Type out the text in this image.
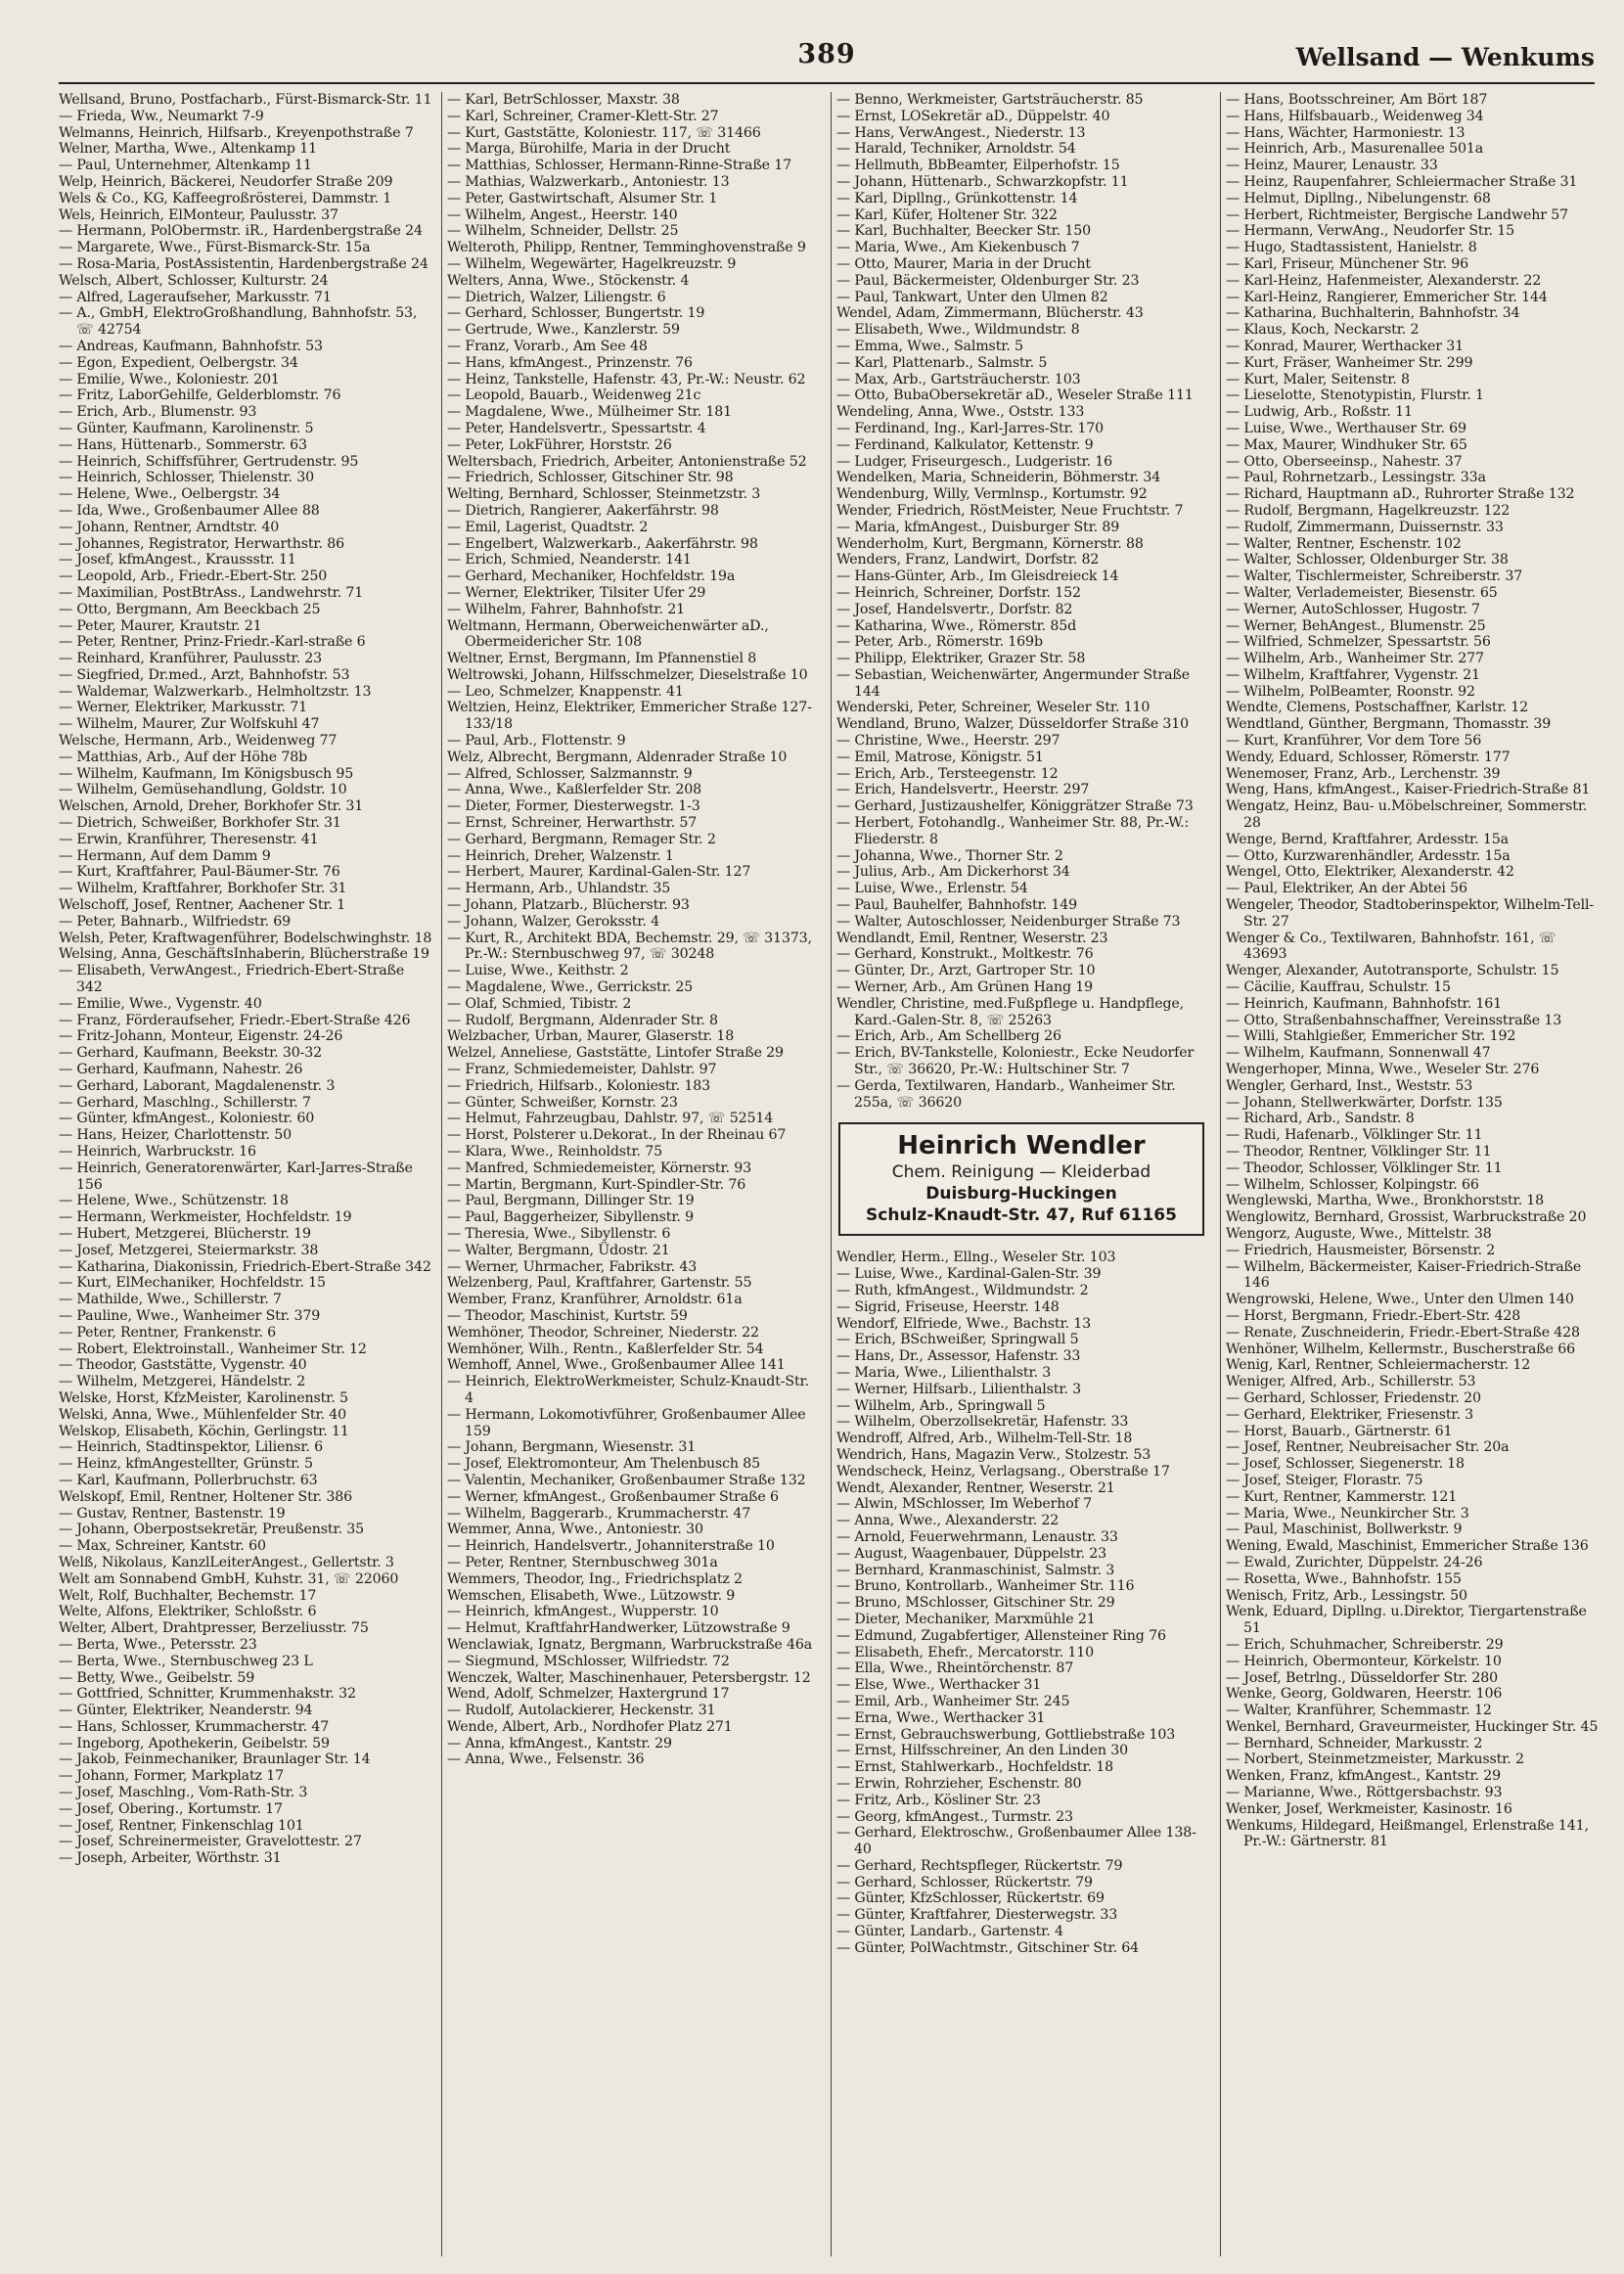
389	Wellsand — Wenkums

Wellsand, Bruno, Postfacharb., Fürst-Bismarck-Str. 11

— Frieda, Ww., Neumarkt 7-9

Welmanns, Heinrich, Hilfsarb., Kreyenpothstraße 7

Welner, Martha, Wwe., Altenkamp 11

— Paul, Unternehmer, Altenkamp 11

Welp, Heinrich, Bäckerei, Neudorfer Straße 209

Wels & Co., KG, Kaffeegroßrösterei, Dammstr. 1

Wels, Heinrich, ElMonteur, Paulusstr. 37

— Hermann, PolObermstr. iR., Hardenbergstraße 24

— Margarete, Wwe., Fürst-Bismarck-Str. 15a

— Rosa-Maria, PostAssistentin, Hardenbergstraße 24

Welsch, Albert, Schlosser, Kulturstr. 24

— Alfred, Lageraufseher, Markusstr. 71

— A., GmbH, ElektroGroßhandlung, Bahnhofstr. 53, ☏ 42754

— Andreas, Kaufmann, Bahnhofstr. 53

— Egon, Expedient, Oelbergstr. 34

— Emilie, Wwe., Koloniestr. 201

— Fritz, LaborGehilfe, Gelderblomstr. 76

— Erich, Arb., Blumenstr. 93

— Günter, Kaufmann, Karolinenstr. 5

— Hans, Hüttenarb., Sommerstr. 63

— Heinrich, Schiffsführer, Gertrudenstr. 95

— Heinrich, Schlosser, Thielenstr. 30

— Helene, Wwe., Oelbergstr. 34

— Ida, Wwe., Großenbaumer Allee 88

— Johann, Rentner, Arndtstr. 40

— Johannes, Registrator, Herwarthstr. 86

— Josef, kfmAngest., Kraussstr. 11

— Leopold, Arb., Friedr.-Ebert-Str. 250

— Maximilian, PostBtrAss., Landwehrstr. 71

— Otto, Bergmann, Am Beeckbach 25

— Peter, Maurer, Krautstr. 21

— Peter, Rentner, Prinz-Friedr.-Karl-straße 6

— Reinhard, Kranführer, Paulusstr. 23

— Siegfried, Dr.med., Arzt, Bahnhofstr. 53

— Waldemar, Walzwerkarb., Helmholtzstr. 13

— Werner, Elektriker, Markusstr. 71

— Wilhelm, Maurer, Zur Wolfskuhl 47

Welsche, Hermann, Arb., Weidenweg 77

— Matthias, Arb., Auf der Höhe 78b

— Wilhelm, Kaufmann, Im Königsbusch 95

— Wilhelm, Gemüsehandlung, Goldstr. 10

Welschen, Arnold, Dreher, Borkhofer Str. 31

— Dietrich, Schweißer, Borkhofer Str. 31

— Erwin, Kranführer, Theresenstr. 41

— Hermann, Auf dem Damm 9

— Kurt, Kraftfahrer, Paul-Bäumer-Str. 76

— Wilhelm, Kraftfahrer, Borkhofer Str. 31

Welschoff, Josef, Rentner, Aachener Str. 1

— Peter, Bahnarb., Wilfriedstr. 69

Welsh, Peter, Kraftwagenführer, Bodelschwinghstr. 18

Welsing, Anna, GeschäftsInhaberin, Blücherstraße 19

— Elisabeth, VerwAngest., Friedrich-Ebert-Straße 342

— Emilie, Wwe., Vygenstr. 40

— Franz, Förderaufseher, Friedr.-Ebert-Straße 426

— Fritz-Johann, Monteur, Eigenstr. 24-26

— Gerhard, Kaufmann, Beekstr. 30-32

— Gerhard, Kaufmann, Nahestr. 26

— Gerhard, Laborant, Magdalenenstr. 3

— Gerhard, Maschlng., Schillerstr. 7

— Günter, kfmAngest., Koloniestr. 60

— Hans, Heizer, Charlottenstr. 50

— Heinrich, Warbruckstr. 16

— Heinrich, Generatorenwärter, Karl-Jarres-Straße 156

— Helene, Wwe., Schützenstr. 18

— Hermann, Werkmeister, Hochfeldstr. 19

— Hubert, Metzgerei, Blücherstr. 19

— Josef, Metzgerei, Steiermarkstr. 38

— Katharina, Diakonissin, Friedrich-Ebert-Straße 342

— Kurt, ElMechaniker, Hochfeldstr. 15

— Mathilde, Wwe., Schillerstr. 7

— Pauline, Wwe., Wanheimer Str. 379

— Peter, Rentner, Frankenstr. 6

— Robert, Elektroinstall., Wanheimer Str. 12

— Theodor, Gaststätte, Vygenstr. 40

— Wilhelm, Metzgerei, Händelstr. 2

Welske, Horst, KfzMeister, Karolinenstr. 5

Welski, Anna, Wwe., Mühlenfelder Str. 40

Welskop, Elisabeth, Köchin, Gerlingstr. 11

— Heinrich, Stadtinspektor, Liliensr. 6

— Heinz, kfmAngestellter, Grünstr. 5

— Karl, Kaufmann, Pollerbruchstr. 63

Welskopf, Emil, Rentner, Holtener Str. 386

— Gustav, Rentner, Bastenstr. 19

— Johann, Oberpostsekretär, Preußenstr. 35

— Max, Schreiner, Kantstr. 60

Welß, Nikolaus, KanzlLeiterAngest., Gellertstr. 3

Welt am Sonnabend GmbH, Kuhstr. 31, ☏ 22060

Welt, Rolf, Buchhalter, Bechemstr. 17

Welte, Alfons, Elektriker, Schloßstr. 6

Welter, Albert, Drahtpresser, Berzeliusstr. 75

— Berta, Wwe., Petersstr. 23

— Berta, Wwe., Sternbuschweg 23 L

— Betty, Wwe., Geibelstr. 59

— Gottfried, Schnitter, Krummenhakstr. 32

— Günter, Elektriker, Neanderstr. 94

— Hans, Schlosser, Krummacherstr. 47

— Ingeborg, Apothekerin, Geibelstr. 59

— Jakob, Feinmechaniker, Braunlager Str. 14

— Johann, Former, Markplatz 17

— Josef, Maschlng., Vom-Rath-Str. 3

— Josef, Obering., Kortumstr. 17

— Josef, Rentner, Finkenschlag 101

— Josef, Schreinermeister, Gravelottestr. 27

— Joseph, Arbeiter, Wörthstr. 31

— Karl, BetrSchlosser, Maxstr. 38

— Karl, Schreiner, Cramer-Klett-Str. 27

— Kurt, Gaststätte, Koloniestr. 117, ☏ 31466

— Marga, Bürohilfe, Maria in der Drucht

— Matthias, Schlosser, Hermann-Rinne-Straße 17

— Mathias, Walzwerkarb., Antoniestr. 13

— Peter, Gastwirtschaft, Alsumer Str. 1

— Wilhelm, Angest., Heerstr. 140

— Wilhelm, Schneider, Dellstr. 25

Welteroth, Philipp, Rentner, Temminghovenstraße 9

— Wilhelm, Wegewärter, Hagelkreuzstr. 9

Welters, Anna, Wwe., Stöckenstr. 4

— Dietrich, Walzer, Liliengstr. 6

— Gerhard, Schlosser, Bungertstr. 19

— Gertrude, Wwe., Kanzlerstr. 59

— Franz, Vorarb., Am See 48

— Hans, kfmAngest., Prinzenstr. 76

— Heinz, Tankstelle, Hafenstr. 43, Pr.-W.: Neustr. 62

— Leopold, Bauarb., Weidenweg 21c

— Magdalene, Wwe., Mülheimer Str. 181

— Peter, Handelsvertr., Spessartstr. 4

— Peter, LokFührer, Horststr. 26

Weltersbach, Friedrich, Arbeiter, Antonienstraße 52

— Friedrich, Schlosser, Gitschiner Str. 98

Welting, Bernhard, Schlosser, Steinmetzstr. 3

— Dietrich, Rangierer, Aakerfährstr. 98

— Emil, Lagerist, Quadtstr. 2

— Engelbert, Walzwerkarb., Aakerfährstr. 98

— Erich, Schmied, Neanderstr. 141

— Gerhard, Mechaniker, Hochfeldstr. 19a

— Werner, Elektriker, Tilsiter Ufer 29

— Wilhelm, Fahrer, Bahnhofstr. 21

Weltmann, Hermann, Oberweichenwärter aD., Obermeidericher Str. 108

Weltner, Ernst, Bergmann, Im Pfannenstiel 8

Weltrowski, Johann, Hilfsschmelzer, Dieselstraße 10

— Leo, Schmelzer, Knappenstr. 41

Weltzien, Heinz, Elektriker, Emmericher Straße 127-133/18

— Paul, Arb., Flottenstr. 9

Welz, Albrecht, Bergmann, Aldenrader Straße 10

— Alfred, Schlosser, Salzmannstr. 9

— Anna, Wwe., Kaßlerfelder Str. 208

— Dieter, Former, Diesterwegstr. 1-3

— Ernst, Schreiner, Herwarthstr. 57

— Gerhard, Bergmann, Remager Str. 2

— Heinrich, Dreher, Walzenstr. 1

— Herbert, Maurer, Kardinal-Galen-Str. 127

— Hermann, Arb., Uhlandstr. 35

— Johann, Platzarb., Blücherstr. 93

— Johann, Walzer, Geroksstr. 4

— Kurt, R., Architekt BDA, Bechemstr. 29, ☏ 31373, Pr.-W.: Sternbuschweg 97, ☏ 30248

— Luise, Wwe., Keithstr. 2

— Magdalene, Wwe., Gerrickstr. 25

— Olaf, Schmied, Tibistr. 2

— Rudolf, Bergmann, Aldenrader Str. 8

Welzbacher, Urban, Maurer, Glaserstr. 18

Welzel, Anneliese, Gaststätte, Lintofer Straße 29

— Franz, Schmiedemeister, Dahlstr. 97

— Friedrich, Hilfsarb., Koloniestr. 183

— Günter, Schweißer, Kornstr. 23

— Helmut, Fahrzeugbau, Dahlstr. 97, ☏ 52514

— Horst, Polsterer u.Dekorat., In der Rheinau 67

— Klara, Wwe., Reinholdstr. 75

— Manfred, Schmiedemeister, Körnerstr. 93

— Martin, Bergmann, Kurt-Spindler-Str. 76

— Paul, Bergmann, Dillinger Str. 19

— Paul, Baggerheizer, Sibyllenstr. 9

— Theresia, Wwe., Sibyllenstr. 6

— Walter, Bergmann, Üdostr. 21

— Werner, Uhrmacher, Fabrikstr. 43

Welzenberg, Paul, Kraftfahrer, Gartenstr. 55

Wember, Franz, Kranführer, Arnoldstr. 61a

— Theodor, Maschinist, Kurtstr. 59

Wemhöner, Theodor, Schreiner, Niederstr. 22

Wemhöner, Wilh., Rentn., Kaßlerfelder Str. 54

Wemhoff, Annel, Wwe., Großenbaumer Allee 141

— Heinrich, ElektroWerkmeister, Schulz-Knaudt-Str. 4

— Hermann, Lokomotivführer, Großenbaumer Allee 159

— Johann, Bergmann, Wiesenstr. 31

— Josef, Elektromonteur, Am Thelenbusch 85

— Valentin, Mechaniker, Großenbaumer Straße 132

— Werner, kfmAngest., Großenbaumer Straße 6

— Wilhelm, Baggerarb., Krummacherstr. 47

Wemmer, Anna, Wwe., Antoniestr. 30

— Heinrich, Handelsvertr., Johanniterstraße 10

— Peter, Rentner, Sternbuschweg 301a

Wemmers, Theodor, Ing., Friedrichsplatz 2

Wemschen, Elisabeth, Wwe., Lützowstr. 9

— Heinrich, kfmAngest., Wupperstr. 10

— Helmut, KraftfahrHandwerker, Lützowstraße 9

Wenclawiak, Ignatz, Bergmann, Warbruckstraße 46a

— Siegmund, MSchlosser, Wilfriedstr. 72

Wenczek, Walter, Maschinenhauer, Petersbergstr. 12

Wend, Adolf, Schmelzer, Haxtergrund 17

— Rudolf, Autolackierer, Heckenstr. 31

Wende, Albert, Arb., Nordhofer Platz 271

— Anna, kfmAngest., Kantstr. 29

— Anna, Wwe., Felsenstr. 36

— Benno, Werkmeister, Gartsträucherstr. 85

— Ernst, LOSekretär aD., Düppelstr. 40

— Hans, VerwAngest., Niederstr. 13

— Harald, Techniker, Arnoldstr. 54

— Hellmuth, BbBeamter, Eilperhofstr. 15

— Johann, Hüttenarb., Schwarzkopfstr. 11

— Karl, Dipllng., Grünkottenstr. 14

— Karl, Küfer, Holtener Str. 322

— Karl, Buchhalter, Beecker Str. 150

— Maria, Wwe., Am Kiekenbusch 7

— Otto, Maurer, Maria in der Drucht

— Paul, Bäckermeister, Oldenburger Str. 23

— Paul, Tankwart, Unter den Ulmen 82

Wendel, Adam, Zimmermann, Blücherstr. 43

— Elisabeth, Wwe., Wildmundstr. 8

— Emma, Wwe., Salmstr. 5

— Karl, Plattenarb., Salmstr. 5

— Max, Arb., Gartsträucherstr. 103

— Otto, BubaObersekretär aD., Weseler Straße 111

Wendeling, Anna, Wwe., Oststr. 133

— Ferdinand, Ing., Karl-Jarres-Str. 170

— Ferdinand, Kalkulator, Kettenstr. 9

— Ludger, Friseurgesch., Ludgeristr. 16

Wendelken, Maria, Schneiderin, Böhmerstr. 34

Wendenburg, Willy, Vermlnsp., Kortumstr. 92

Wender, Friedrich, RöstMeister, Neue Fruchtstr. 7

— Maria, kfmAngest., Duisburger Str. 89

Wenderholm, Kurt, Bergmann, Körnerstr. 88

Wenders, Franz, Landwirt, Dorfstr. 82

— Hans-Günter, Arb., Im Gleisdreieck 14

— Heinrich, Schreiner, Dorfstr. 152

— Josef, Handelsvertr., Dorfstr. 82

— Katharina, Wwe., Römerstr. 85d

— Peter, Arb., Römerstr. 169b

— Philipp, Elektriker, Grazer Str. 58

— Sebastian, Weichenwärter, Angermunder Straße 144

Wenderski, Peter, Schreiner, Weseler Str. 110

Wendland, Bruno, Walzer, Düsseldorfer Straße 310

— Christine, Wwe., Heerstr. 297

— Emil, Matrose, Königstr. 51

— Erich, Arb., Tersteegenstr. 12

— Erich, Handelsvertr., Heerstr. 297

— Gerhard, Justizaushelfer, Königgrätzer Straße 73

— Herbert, Fotohandlg., Wanheimer Str. 88, Pr.-W.: Fliederstr. 8

— Johanna, Wwe., Thorner Str. 2

— Julius, Arb., Am Dickerhorst 34

— Luise, Wwe., Erlenstr. 54

— Paul, Bauhelfer, Bahnhofstr. 149

— Walter, Autoschlosser, Neidenburger Straße 73

Wendlandt, Emil, Rentner, Weserstr. 23

— Gerhard, Konstrukt., Moltkestr. 76

— Günter, Dr., Arzt, Gartroper Str. 10

— Werner, Arb., Am Grünen Hang 19

Wendler, Christine, med.Fußpflege u. Handpflege, Kard.-Galen-Str. 8, ☏ 25263

— Erich, Arb., Am Schellberg 26

— Erich, BV-Tankstelle, Koloniestr., Ecke Neudorfer Str., ☏ 36620, Pr.-W.: Hultschiner Str. 7

— Gerda, Textilwaren, Handarb., Wanheimer Str. 255a, ☏ 36620

Heinrich Wendler
Chem. Reinigung — Kleiderbad
Duisburg-Huckingen
Schulz-Knaudt-Str. 47, Ruf 61165

Wendler, Herm., Ellng., Weseler Str. 103

— Luise, Wwe., Kardinal-Galen-Str. 39

— Ruth, kfmAngest., Wildmundstr. 2

— Sigrid, Friseuse, Heerstr. 148

Wendorf, Elfriede, Wwe., Bachstr. 13

— Erich, BSchweißer, Springwall 5

— Hans, Dr., Assessor, Hafenstr. 33

— Maria, Wwe., Lilienthalstr. 3

— Werner, Hilfsarb., Lilienthalstr. 3

— Wilhelm, Arb., Springwall 5

— Wilhelm, Oberzollsekretär, Hafenstr. 33

Wendroff, Alfred, Arb., Wilhelm-Tell-Str. 18

Wendrich, Hans, Magazin Verw., Stolzestr. 53

Wendscheck, Heinz, Verlagsang., Oberstraße 17

Wendt, Alexander, Rentner, Weserstr. 21

— Alwin, MSchlosser, Im Weberhof 7

— Anna, Wwe., Alexanderstr. 22

— Arnold, Feuerwehrmann, Lenaustr. 33

— August, Waagenbauer, Düppelstr. 23

— Bernhard, Kranmaschinist, Salmstr. 3

— Bruno, Kontrollarb., Wanheimer Str. 116

— Bruno, MSchlosser, Gitschiner Str. 29

— Dieter, Mechaniker, Marxmühle 21

— Edmund, Zugabfertiger, Allensteiner Ring 76

— Elisabeth, Ehefr., Mercatorstr. 110

— Ella, Wwe., Rheintörchenstr. 87

— Else, Wwe., Werthacker 31

— Emil, Arb., Wanheimer Str. 245

— Erna, Wwe., Werthacker 31

— Ernst, Gebrauchswerbung, Gottliebstraße 103

— Ernst, Hilfsschreiner, An den Linden 30

— Ernst, Stahlwerkarb., Hochfeldstr. 18

— Erwin, Rohrzieher, Eschenstr. 80

— Fritz, Arb., Kösliner Str. 23

— Georg, kfmAngest., Turmstr. 23

— Gerhard, Elektroschw., Großenbaumer Allee 138-40

— Gerhard, Rechtspfleger, Rückertstr. 79

— Gerhard, Schlosser, Rückertstr. 79

— Günter, KfzSchlosser, Rückertstr. 69

— Günter, Kraftfahrer, Diesterwegstr. 33

— Günter, Landarb., Gartenstr. 4

— Günter, PolWachtmstr., Gitschiner Str. 64

— Hans, Bootsschreiner, Am Bört 187

— Hans, Hilfsbauarb., Weidenweg 34

— Hans, Wächter, Harmoniestr. 13

— Heinrich, Arb., Masurenallee 501a

— Heinz, Maurer, Lenaustr. 33

— Heinz, Raupenfahrer, Schleiermacher Straße 31

— Helmut, Dipllng., Nibelungenstr. 68

— Herbert, Richtmeister, Bergische Landwehr 57

— Hermann, VerwAng., Neudorfer Str. 15

— Hugo, Stadtassistent, Hanielstr. 8

— Karl, Friseur, Münchener Str. 96

— Karl-Heinz, Hafenmeister, Alexanderstr. 22

— Karl-Heinz, Rangierer, Emmericher Str. 144

— Katharina, Buchhalterin, Bahnhofstr. 34

— Klaus, Koch, Neckarstr. 2

— Konrad, Maurer, Werthacker 31

— Kurt, Fräser, Wanheimer Str. 299

— Kurt, Maler, Seitenstr. 8

— Lieselotte, Stenotypistin, Flurstr. 1

— Ludwig, Arb., Roßstr. 11

— Luise, Wwe., Werthauser Str. 69

— Max, Maurer, Windhuker Str. 65

— Otto, Oberseeinsp., Nahestr. 37

— Paul, Rohrnetzarb., Lessingstr. 33a

— Richard, Hauptmann aD., Ruhrorter Straße 132

— Rudolf, Bergmann, Hagelkreuzstr. 122

— Rudolf, Zimmermann, Duissernstr. 33

— Walter, Rentner, Eschenstr. 102

— Walter, Schlosser, Oldenburger Str. 38

— Walter, Tischlermeister, Schreiberstr. 37

— Walter, Verlademeister, Biesenstr. 65

— Werner, AutoSchlosser, Hugostr. 7

— Werner, BehAngest., Blumenstr. 25

— Wilfried, Schmelzer, Spessartstr. 56

— Wilhelm, Arb., Wanheimer Str. 277

— Wilhelm, Kraftfahrer, Vygenstr. 21

— Wilhelm, PolBeamter, Roonstr. 92

Wendte, Clemens, Postschaffner, Karlstr. 12

Wendtland, Günther, Bergmann, Thomasstr. 39

— Kurt, Kranführer, Vor dem Tore 56

Wendy, Eduard, Schlosser, Römerstr. 177

Wenemoser, Franz, Arb., Lerchenstr. 39

Weng, Hans, kfmAngest., Kaiser-Friedrich-Straße 81

Wengatz, Heinz, Bau- u.Möbelschreiner, Sommerstr. 28

Wenge, Bernd, Kraftfahrer, Ardesstr. 15a

— Otto, Kurzwarenhändler, Ardesstr. 15a

Wengel, Otto, Elektriker, Alexanderstr. 42

— Paul, Elektriker, An der Abtei 56

Wengeler, Theodor, Stadtoberinspektor, Wilhelm-Tell-Str. 27

Wenger & Co., Textilwaren, Bahnhofstr. 161, ☏ 43693

Wenger, Alexander, Autotransporte, Schulstr. 15

— Cäcilie, Kauffrau, Schulstr. 15

— Heinrich, Kaufmann, Bahnhofstr. 161

— Otto, Straßenbahnschaffner, Vereinsstraße 13

— Willi, Stahlgießer, Emmericher Str. 192

— Wilhelm, Kaufmann, Sonnenwall 47

Wengerhoper, Minna, Wwe., Weseler Str. 276

Wengler, Gerhard, Inst., Weststr. 53

— Johann, Stellwerkwärter, Dorfstr. 135

— Richard, Arb., Sandstr. 8

— Rudi, Hafenarb., Völklinger Str. 11

— Theodor, Rentner, Völklinger Str. 11

— Theodor, Schlosser, Völklinger Str. 11

— Wilhelm, Schlosser, Kolpingstr. 66

Wenglewski, Martha, Wwe., Bronkhorststr. 18

Wenglowitz, Bernhard, Grossist, Warbruckstraße 20

Wengorz, Auguste, Wwe., Mittelstr. 38

— Friedrich, Hausmeister, Börsenstr. 2

— Wilhelm, Bäckermeister, Kaiser-Friedrich-Straße 146

Wengrowski, Helene, Wwe., Unter den Ulmen 140

— Horst, Bergmann, Friedr.-Ebert-Str. 428

— Renate, Zuschneiderin, Friedr.-Ebert-Straße 428

Wenhöner, Wilhelm, Kellermstr., Buscherstraße 66

Wenig, Karl, Rentner, Schleiermacherstr. 12

Weniger, Alfred, Arb., Schillerstr. 53

— Gerhard, Schlosser, Friedenstr. 20

— Gerhard, Elektriker, Friesenstr. 3

— Horst, Bauarb., Gärtnerstr. 61

— Josef, Rentner, Neubreisacher Str. 20a

— Josef, Schlosser, Siegenerstr. 18

— Josef, Steiger, Florastr. 75

— Kurt, Rentner, Kammerstr. 121

— Maria, Wwe., Neunkircher Str. 3

— Paul, Maschinist, Bollwerkstr. 9

Wening, Ewald, Maschinist, Emmericher Straße 136

— Ewald, Zurichter, Düppelstr. 24-26

— Rosetta, Wwe., Bahnhofstr. 155

Wenisch, Fritz, Arb., Lessingstr. 50

Wenk, Eduard, Dipllng. u.Direktor, Tiergartenstraße 51

— Erich, Schuhmacher, Schreiberstr. 29

— Heinrich, Obermonteur, Körkelstr. 10

— Josef, Betrlng., Düsseldorfer Str. 280

Wenke, Georg, Goldwaren, Heerstr. 106

— Walter, Kranführer, Schemmastr. 12

Wenkel, Bernhard, Graveurmeister, Huckinger Str. 45

— Bernhard, Schneider, Markusstr. 2

— Norbert, Steinmetzmeister, Markusstr. 2

Wenken, Franz, kfmAngest., Kantstr. 29

— Marianne, Wwe., Röttgersbachstr. 93

Wenker, Josef, Werkmeister, Kasinostr. 16

Wenkums, Hildegard, Heißmangel, Erlenstraße 141, Pr.-W.: Gärtnerstr. 81
